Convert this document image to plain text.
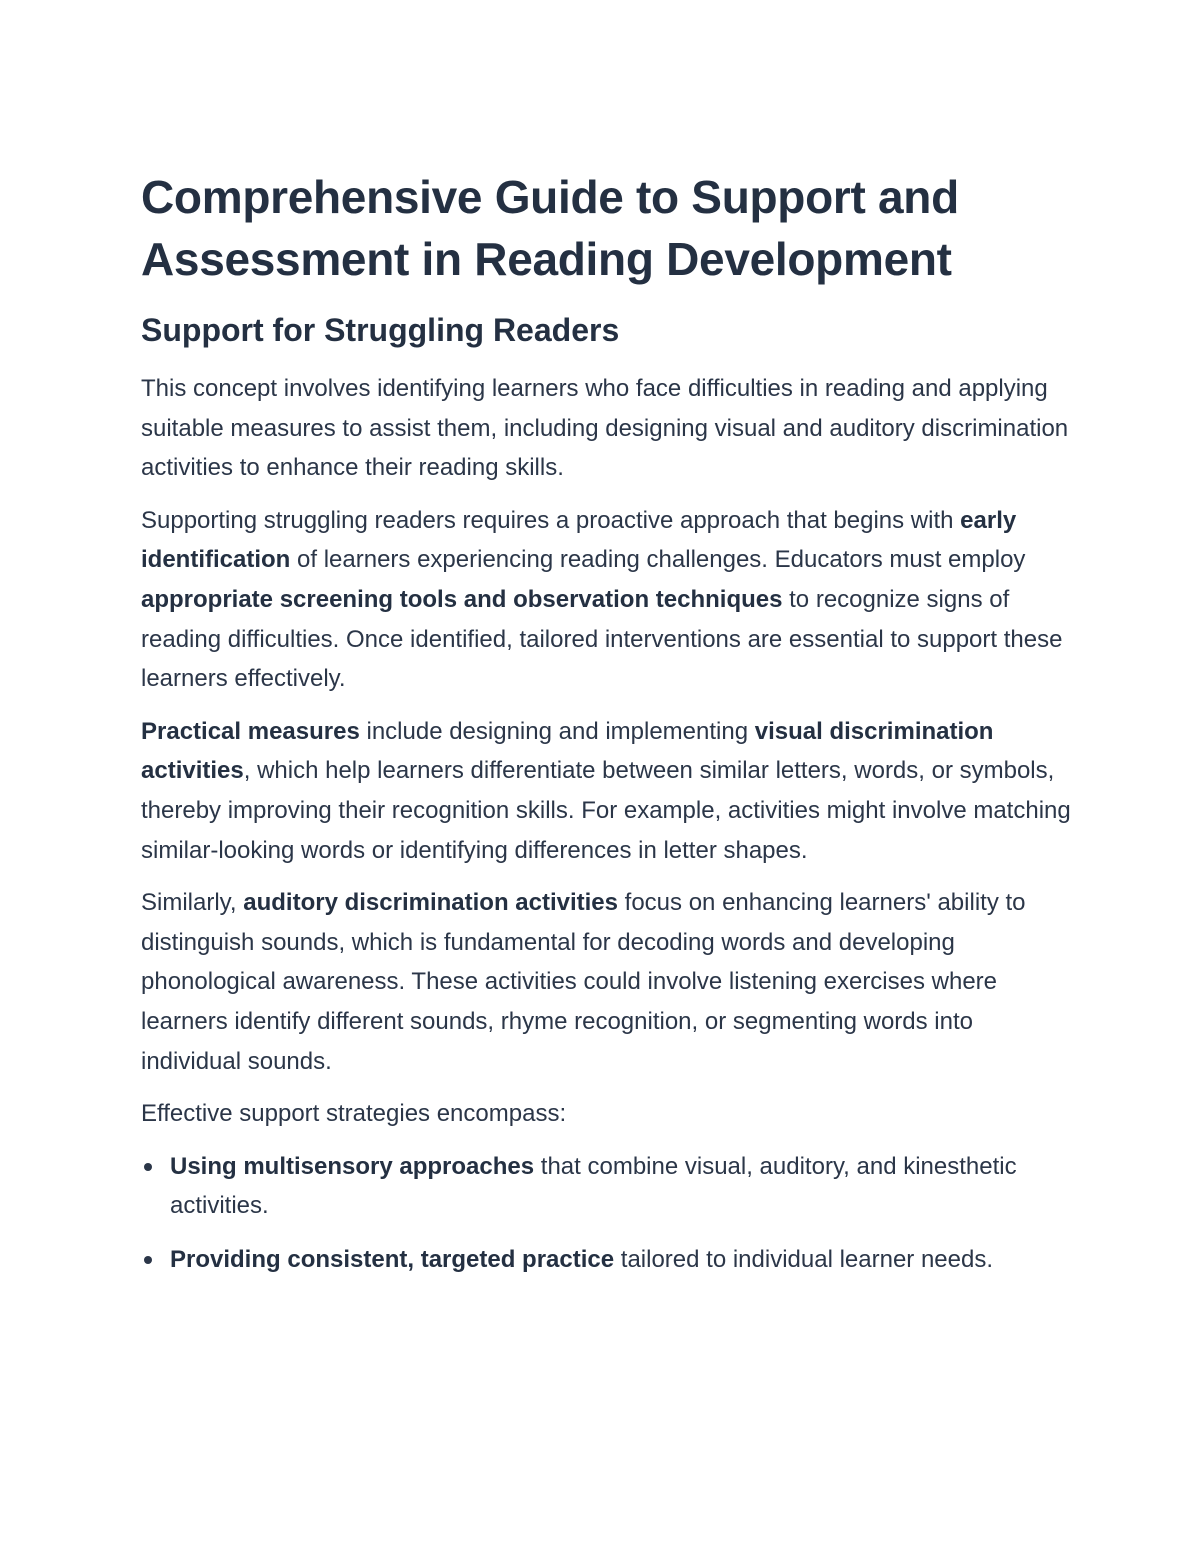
Comprehensive Guide to Support and Assessment in Reading Development
Support for Struggling Readers

This concept involves identifying learners who face difficulties in reading and applying suitable measures to assist them, including designing visual and auditory discrimination activities to enhance their reading skills.

Supporting struggling readers requires a proactive approach that begins with early identification of learners experiencing reading challenges. Educators must employ appropriate screening tools and observation techniques to recognize signs of reading difficulties. Once identified, tailored interventions are essential to support these learners effectively.

Practical measures include designing and implementing visual discrimination activities, which help learners differentiate between similar letters, words, or symbols, thereby improving their recognition skills. For example, activities might involve matching similar-looking words or identifying differences in letter shapes.

Similarly, auditory discrimination activities focus on enhancing learners' ability to distinguish sounds, which is fundamental for decoding words and developing phonological awareness. These activities could involve listening exercises where learners identify different sounds, rhyme recognition, or segmenting words into individual sounds.

Effective support strategies encompass:

Using multisensory approaches that combine visual, auditory, and kinesthetic activities.
Providing consistent, targeted practice tailored to individual learner needs.
